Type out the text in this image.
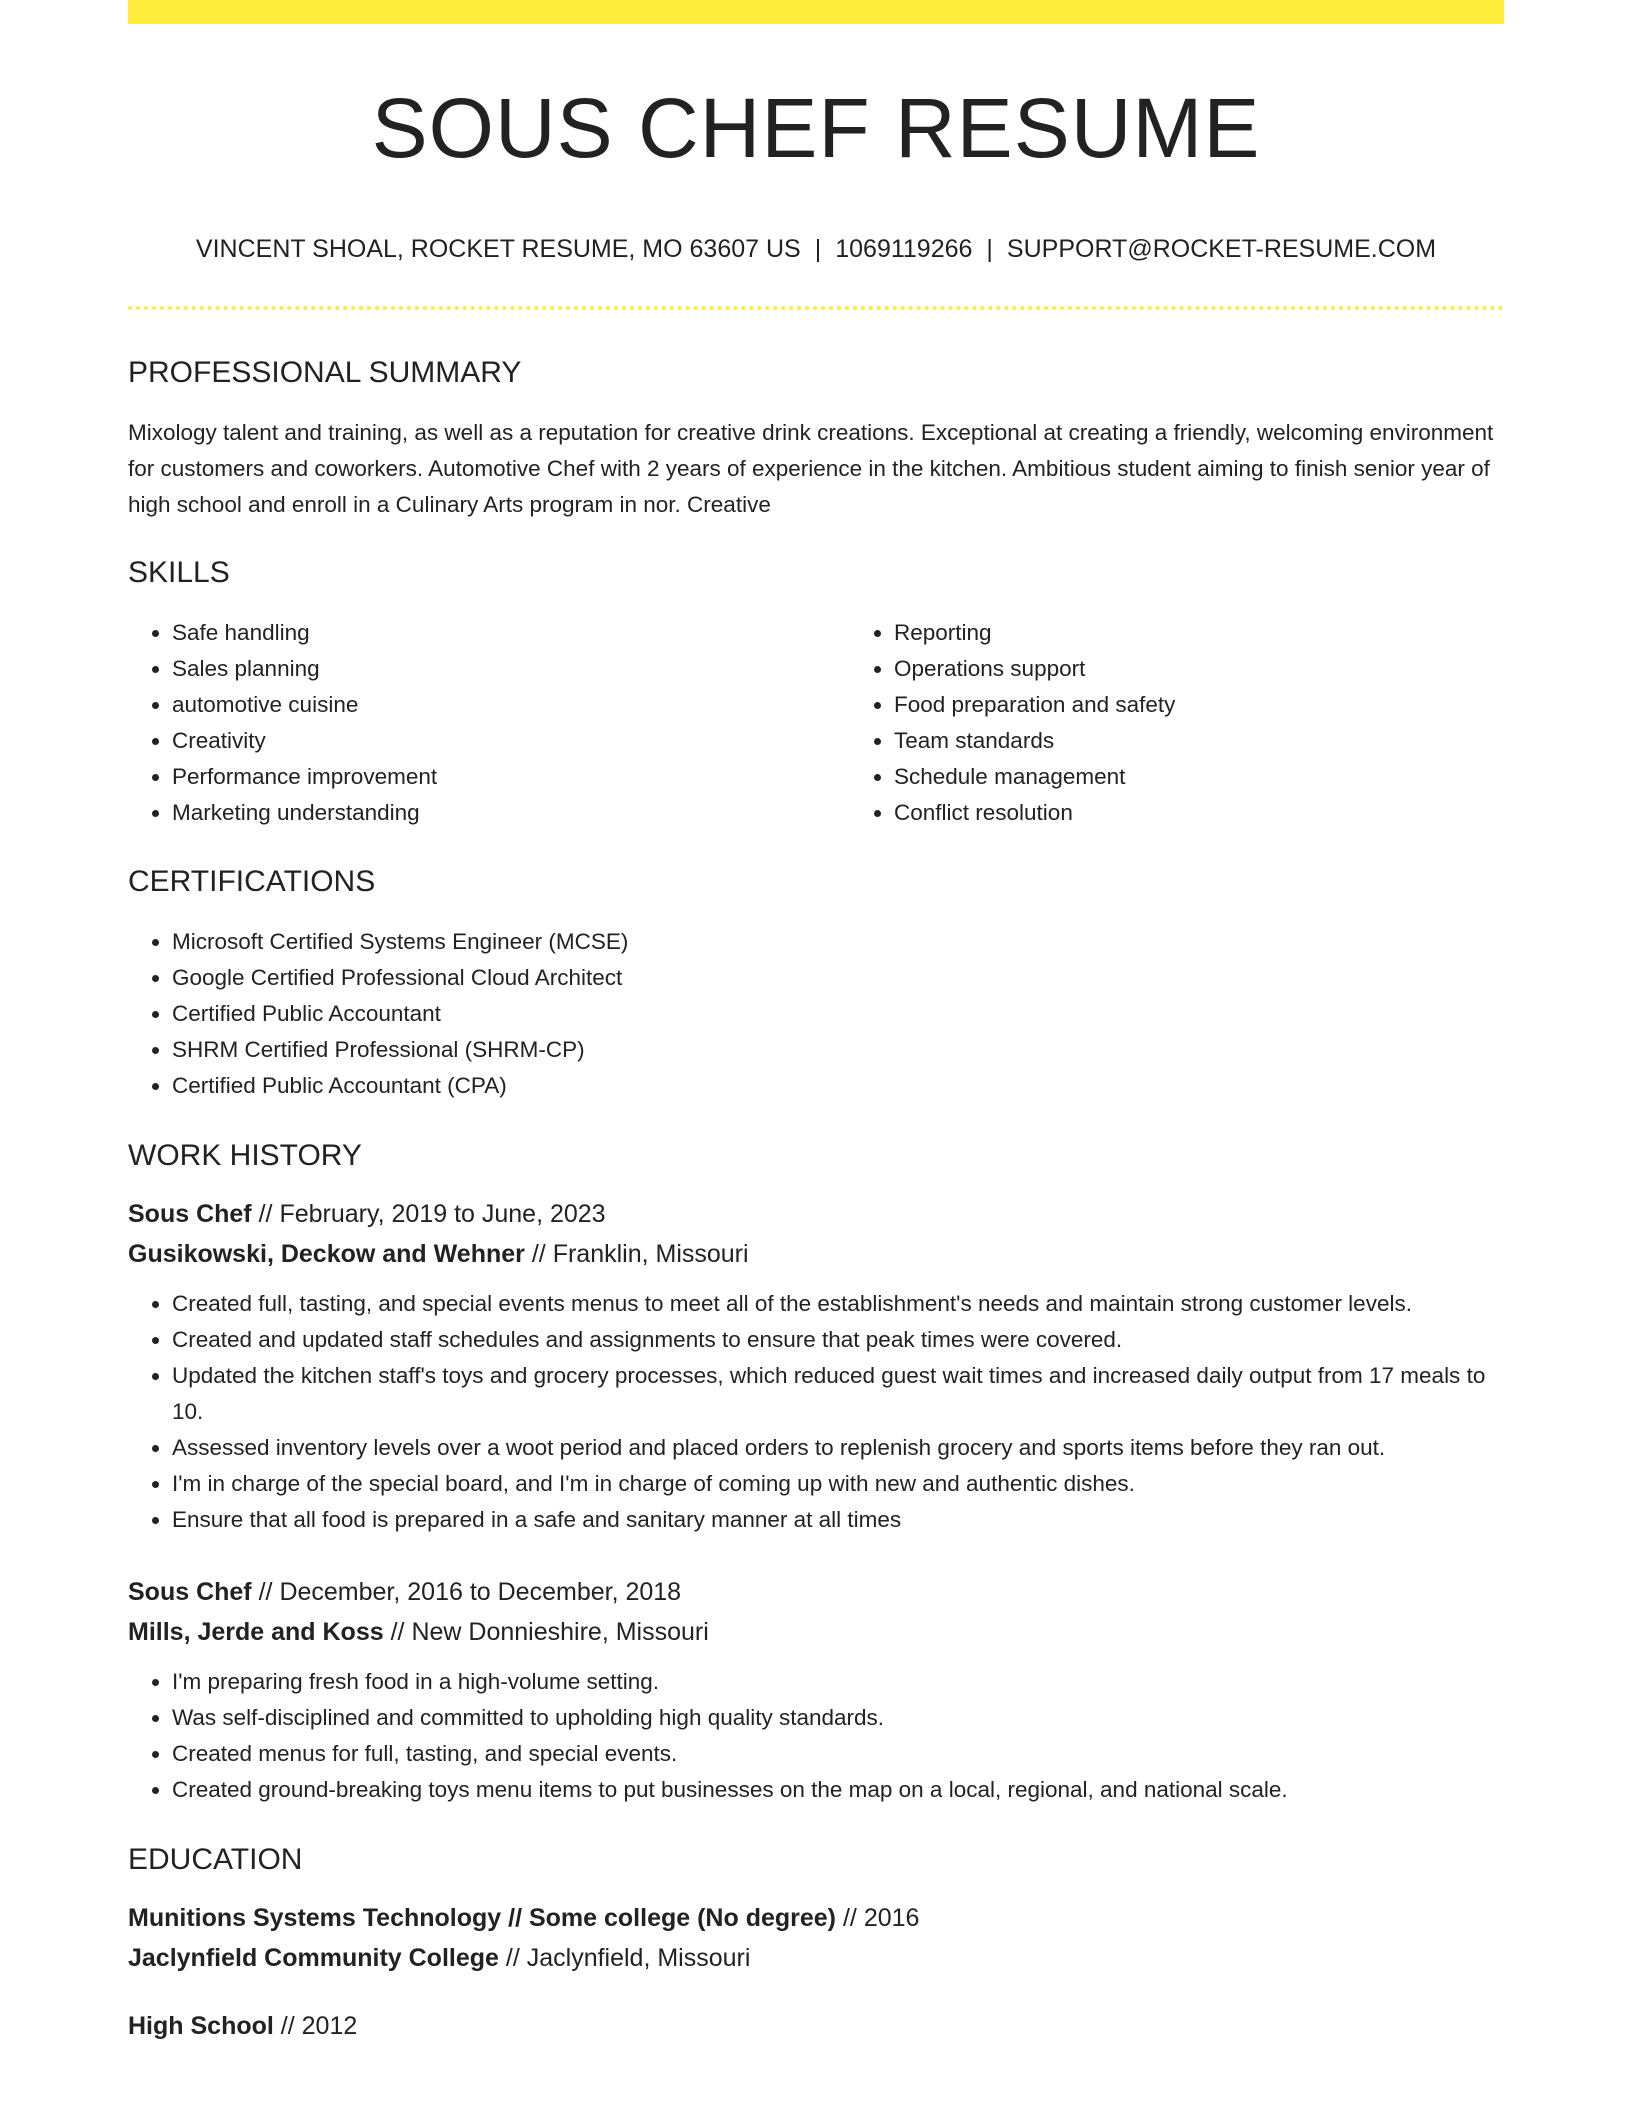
SOUS CHEF RESUME
VINCENT SHOAL, ROCKET RESUME, MO 63607 US | 1069119266 | SUPPORT@ROCKET-RESUME.COM
PROFESSIONAL SUMMARY

Mixology talent and training, as well as a reputation for creative drink creations. Exceptional at creating a friendly, welcoming environment for customers and coworkers. Automotive Chef with 2 years of experience in the kitchen. Ambitious student aiming to finish senior year of high school and enroll in a Culinary Arts program in nor. Creative

SKILLS
• Safe handling
• Sales planning
• automotive cuisine
• Creativity
• Performance improvement
• Marketing understanding
• Reporting
• Operations support
• Food preparation and safety
• Team standards
• Schedule management
• Conflict resolution
CERTIFICATIONS
• Microsoft Certified Systems Engineer (MCSE)
• Google Certified Professional Cloud Architect
• Certified Public Accountant
• SHRM Certified Professional (SHRM-CP)
• Certified Public Accountant (CPA)
WORK HISTORY
Sous Chef // February, 2019 to June, 2023
Gusikowski, Deckow and Wehner // Franklin, Missouri
• Created full, tasting, and special events menus to meet all of the establishment's needs and maintain strong customer levels.
• Created and updated staff schedules and assignments to ensure that peak times were covered.
• Updated the kitchen staff's toys and grocery processes, which reduced guest wait times and increased daily output from 17 meals to 10.
• Assessed inventory levels over a woot period and placed orders to replenish grocery and sports items before they ran out.
• I'm in charge of the special board, and I'm in charge of coming up with new and authentic dishes.
• Ensure that all food is prepared in a safe and sanitary manner at all times
Sous Chef // December, 2016 to December, 2018
Mills, Jerde and Koss // New Donnieshire, Missouri
• I'm preparing fresh food in a high-volume setting.
• Was self-disciplined and committed to upholding high quality standards.
• Created menus for full, tasting, and special events.
• Created ground-breaking toys menu items to put businesses on the map on a local, regional, and national scale.
EDUCATION
Munitions Systems Technology // Some college (No degree) // 2016
Jaclynfield Community College // Jaclynfield, Missouri
High School // 2012
